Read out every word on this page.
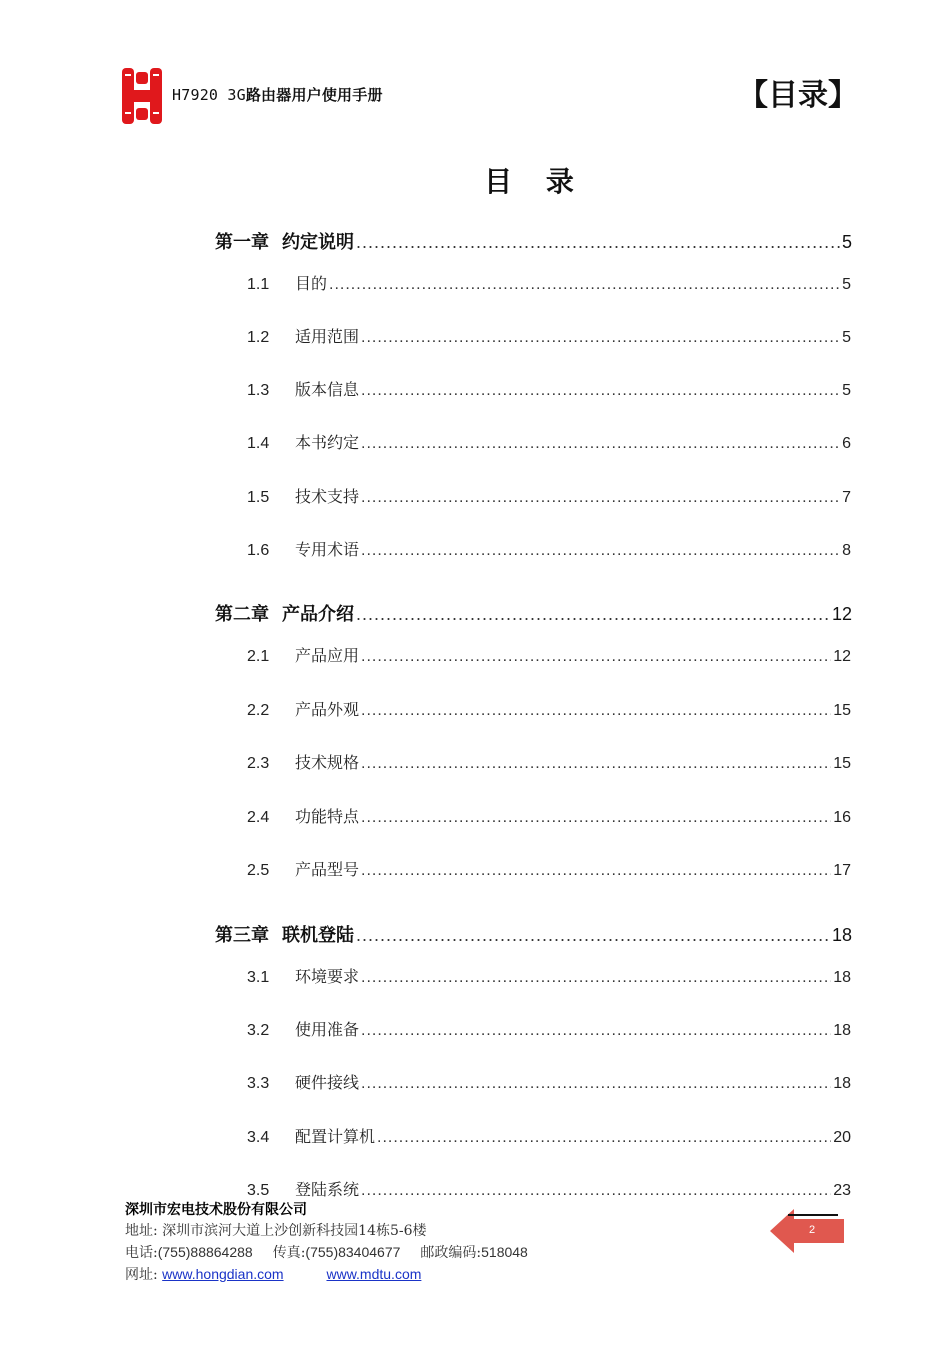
H7920 3G路由器用户使用手册	【目录】
目 录
第一章 约定说明 .....	5
1.1	目的 .....	5
1.2	适用范围 .....	5
1.3	版本信息 .....	5
1.4	本书约定 .....	6
1.5	技术支持 .....	7
1.6	专用术语 .....	8
第二章 产品介绍 .....	12
2.1	产品应用 .....	12
2.2	产品外观 .....	15
2.3	技术规格 .....	15
2.4	功能特点 .....	16
2.5	产品型号 .....	17
第三章 联机登陆 .....	18
3.1	环境要求 .....	18
3.2	使用准备 .....	18
3.3	硬件接线 .....	18
3.4	配置计算机 .....	20
3.5	登陆系统 .....	23
深圳市宏电技术股份有限公司
地址: 深圳市滨河大道上沙创新科技园14栋5-6楼
电话:(755)88864288 传真:(755)83404677 邮政编码:518048
网址: www.hongdian.com	www.mdtu.com
2
